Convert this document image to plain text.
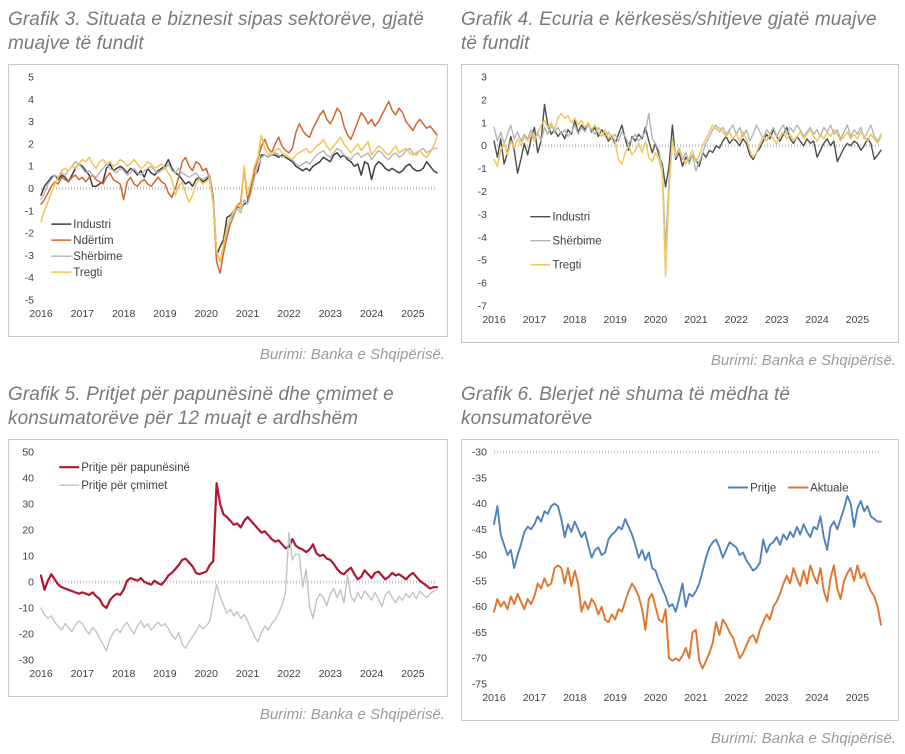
Grafik 3. Situata e biznesit sipas sektorëve, gjatë muajve të fundit
5
4
3
2
1
0
-1
-2
-3
-4
-5
2016 2017 2018 2019 2020 2021 2022 2023 2024 2025
Industri
Ndërtim
Shërbime
Tregti
Burimi: Banka e Shqipërisë.
Grafik 4. Ecuria e kërkesës/shitjeve gjatë muajve të fundit
3
2
1
0
-1
-2
-3
-4
-5
-6
-7
2016 2017 2018 2019 2020 2021 2022 2023 2024 2025
Industri
Shërbime
Tregti
Burimi: Banka e Shqipërisë.
Grafik 5. Pritjet për papunësinë dhe çmimet e konsumatorëve për 12 muajt e ardhshëm
50
40
30
20
10
0
-10
-20
-30
2016 2017 2018 2019 2020 2021 2022 2023 2024 2025
Pritje për papunësinë
Pritje për çmimet
Burimi: Banka e Shqipërisë.
Grafik 6. Blerjet në shuma të mëdha të konsumatorëve
-30
-35
-40
-45
-50
-55
-60
-65
-70
-75
2016 2017 2018 2019 2020 2021 2022 2023 2024 2025
Pritje	Aktuale
Burimi: Banka e Shqipërisë.
